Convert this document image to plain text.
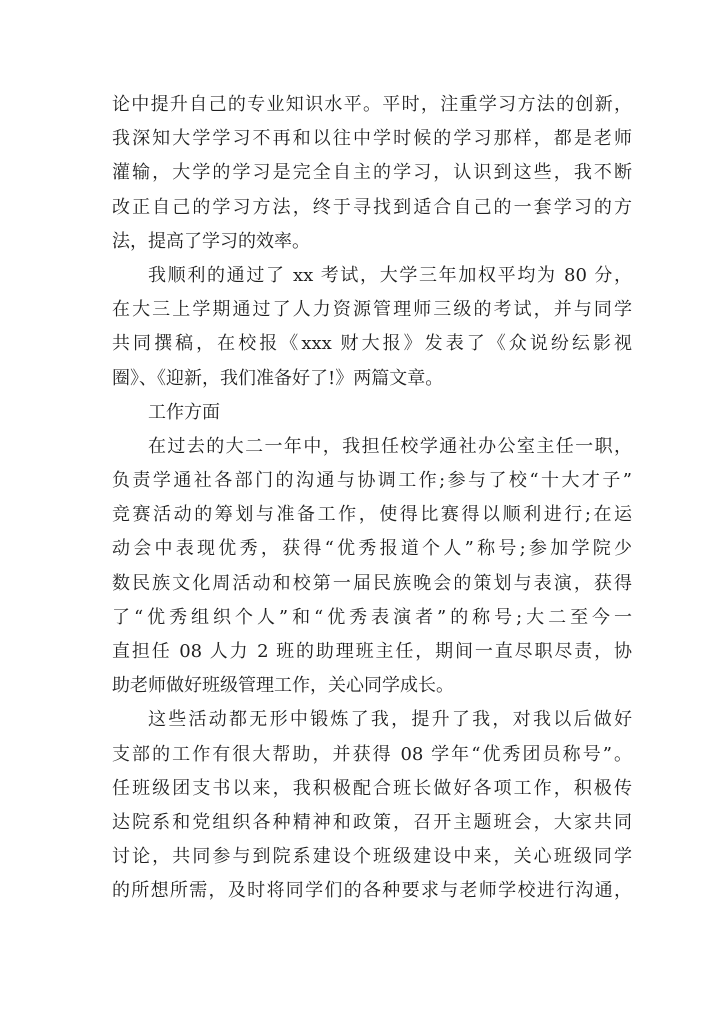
论中提升自己的专业知识水平。平时，注重学习方法的创新，
我深知大学学习不再和以往中学时候的学习那样，都是老师
灌输，大学的学习是完全自主的学习，认识到这些，我不断
改正自己的学习方法，终于寻找到适合自己的一套学习的方
法，提高了学习的效率。
我顺利的通过了 xx 考试，大学三年加权平均为 80 分，
在大三上学期通过了人力资源管理师三级的考试，并与同学
共同撰稿，在校报《xxx 财大报》发表了《众说纷纭影视
圈》、《迎新，我们准备好了!》两篇文章。
工作方面
在过去的大二一年中，我担任校学通社办公室主任一职，
负责学通社各部门的沟通与协调工作;参与了校“十大才子”
竞赛活动的筹划与准备工作，使得比赛得以顺利进行;在运
动会中表现优秀，获得“优秀报道个人”称号;参加学院少
数民族文化周活动和校第一届民族晚会的策划与表演，获得
了“优秀组织个人”和“优秀表演者”的称号;大二至今一
直担任 08 人力 2 班的助理班主任，期间一直尽职尽责，协
助老师做好班级管理工作，关心同学成长。
这些活动都无形中锻炼了我，提升了我，对我以后做好
支部的工作有很大帮助，并获得 08 学年“优秀团员称号”。
任班级团支书以来，我积极配合班长做好各项工作，积极传
达院系和党组织各种精神和政策，召开主题班会，大家共同
讨论，共同参与到院系建设个班级建设中来，关心班级同学
的所想所需，及时将同学们的各种要求与老师学校进行沟通，
